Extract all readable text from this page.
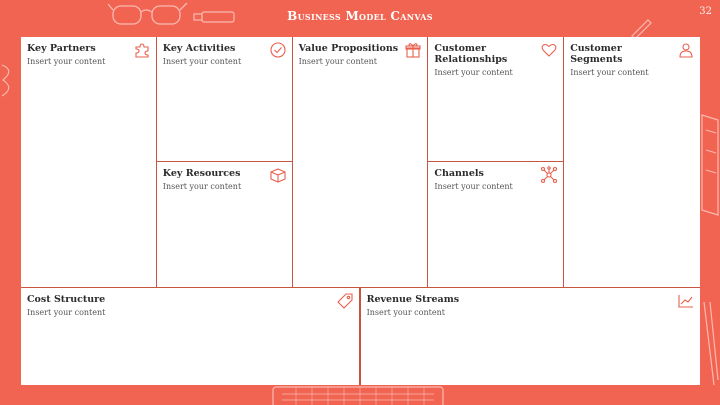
Business Model Canvas	32
Key Partners
Insert your content
Key Activities
Insert your content
Key Resources
Insert your content
Value Propositions
Insert your content
Customer Relationships
Insert your content
Channels
Insert your content
Customer Segments
Insert your content
Cost Structure
Insert your content
Revenue Streams
Insert your content
